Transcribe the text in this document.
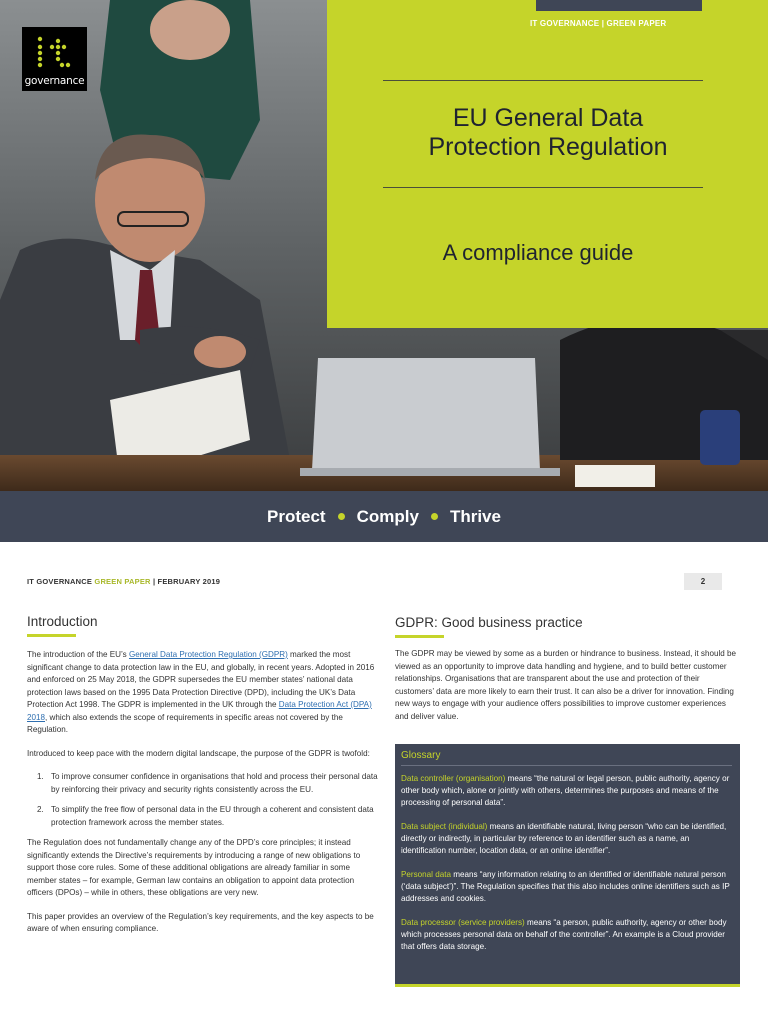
governance
IT GOVERNANCE | GREEN PAPER
EU General Data
Protection Regulation
A compliance guide
Protect Comply Thrive
IT GOVERNANCE GREEN PAPER | FEBRUARY 2019	2
Introduction

The introduction of the EU’s General Data Protection Regulation (GDPR) marked the most significant change to data protection law in the EU, and globally, in recent years. Adopted in 2016 and enforced on 25 May 2018, the GDPR supersedes the EU member states’ national data protection laws based on the 1995 Data Protection Directive (DPD), including the UK’s Data Protection Act 1998. The GDPR is implemented in the UK through the Data Protection Act (DPA) 2018, which also extends the scope of requirements in specific areas not covered by the Regulation.

Introduced to keep pace with the modern digital landscape, the purpose of the GDPR is twofold:

1. To improve consumer confidence in organisations that hold and process their personal data by reinforcing their privacy and security rights consistently across the EU.
2. To simplify the free flow of personal data in the EU through a coherent and consistent data protection framework across the member states.

The Regulation does not fundamentally change any of the DPD’s core principles; it instead significantly extends the Directive’s requirements by introducing a range of new obligations to support those core rules. Some of these additional obligations are already familiar in some member states – for example, German law contains an obligation to appoint data protection officers (DPOs) – while in others, these obligations are very new.

This paper provides an overview of the Regulation’s key requirements, and the key aspects to be aware of when ensuring compliance.

GDPR: Good business practice
The GDPR may be viewed by some as a burden or hindrance to business. Instead, it should be viewed as an opportunity to improve data handling and hygiene, and to build better customer relationships. Organisations that are transparent about the use and protection of their customers’ data are more likely to earn their trust. It can also be a driver for innovation. Finding new ways to engage with your audience offers possibilities to improve customer experiences and deliver value.
Glossary

Data controller (organisation) means “the natural or legal person, public authority, agency or other body which, alone or jointly with others, determines the purposes and means of the processing of personal data”.

Data subject (individual) means an identifiable natural, living person “who can be identified, directly or indirectly, in particular by reference to an identifier such as a name, an identification number, location data, or an online identifier”.

Personal data means “any information relating to an identified or identifiable natural person (‘data subject’)”. The Regulation specifies that this also includes online identifiers such as IP addresses and cookies.

Data processor (service providers) means “a person, public authority, agency or other body which processes personal data on behalf of the controller”. An example is a Cloud provider that offers data storage.
